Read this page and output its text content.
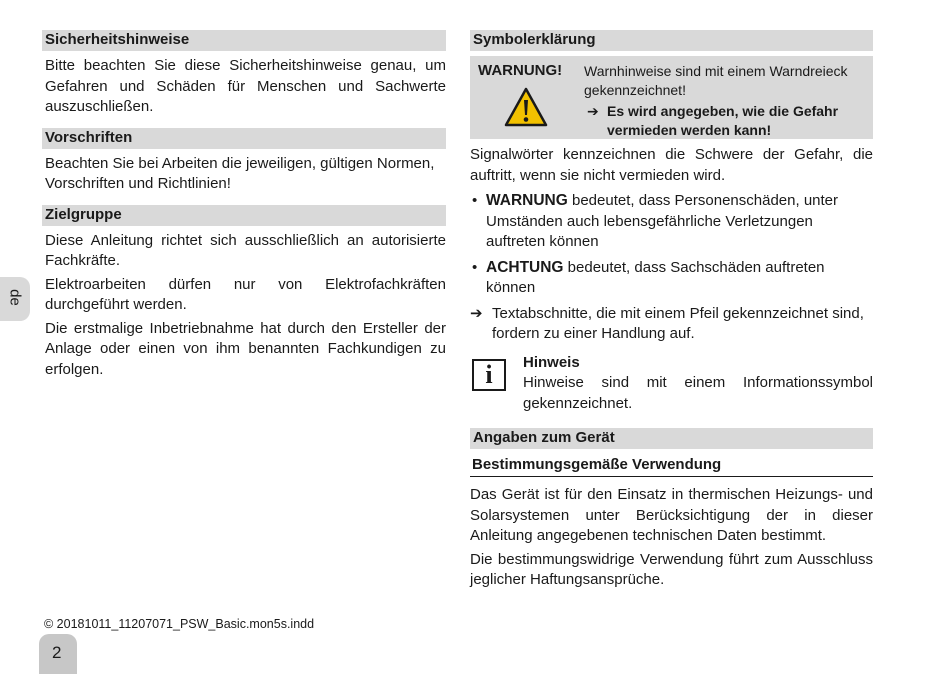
de
Sicherheitshinweise

Bitte beachten Sie diese Sicherheitshinweise genau, um Gefahren und Schäden für Menschen und Sachwerte auszuschließen.

Vorschriften

Beachten Sie bei Arbeiten die jeweiligen, gültigen Normen, Vorschriften und Richtlinien!

Zielgruppe

Diese Anleitung richtet sich ausschließlich an autorisierte Fachkräfte.

Elektroarbeiten dürfen nur von Elektrofachkräften durchgeführt werden.

Die erstmalige Inbetriebnahme hat durch den Ersteller der Anlage oder einen von ihm benannten Fachkundigen zu erfolgen.

Symbolerklärung
WARNUNG! Warnhinweise sind mit einem Warndreieck gekennzeichnet!
➔ Es wird angegeben, wie die Gefahr vermieden werden kann!

Signalwörter kennzeichnen die Schwere der Gefahr, die auftritt, wenn sie nicht vermieden wird.

• WARNUNG bedeutet, dass Personenschäden, unter Umständen auch lebensgefährliche Verletzungen auftreten können
• ACHTUNG bedeutet, dass Sachschäden auftreten können
➔ Textabschnitte, die mit einem Pfeil gekennzeichnet sind, fordern zu einer Handlung auf.
i	Hinweis
Hinweise sind mit einem Informationssymbol gekennzeichnet.
Angaben zum Gerät
Bestimmungsgemäße Verwendung

Das Gerät ist für den Einsatz in thermischen Heizungs- und Solarsystemen unter Berücksichtigung der in dieser Anleitung angegebenen technischen Daten bestimmt.

Die bestimmungswidrige Verwendung führt zum Ausschluss jeglicher Haftungsansprüche.

© 20181011_11207071_PSW_Basic.mon5s.indd
2
